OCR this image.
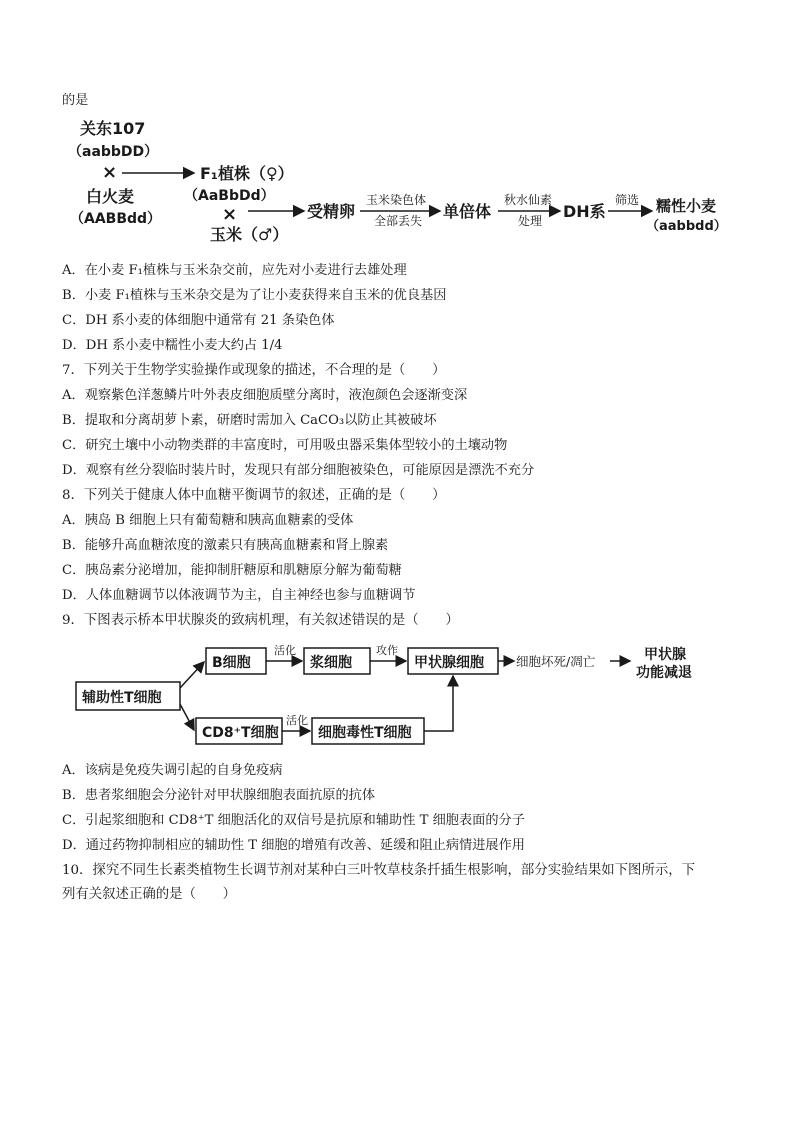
的是
关东107
（aabbDD）
×
白火麦
（AABBdd）
F₁植株（♀）
（AaBbDd）
×
玉米（♂）
受精卵
玉米染色体
全部丢失 单倍体
秋水仙素
处理 DH系
筛选 糯性小麦
（aabbdd）
A．在小麦 F₁植株与玉米杂交前，应先对小麦进行去雄处理
B．小麦 F₁植株与玉米杂交是为了让小麦获得来自玉米的优良基因
C．DH 系小麦的体细胞中通常有 21 条染色体
D．DH 系小麦中糯性小麦大约占 1/4
7．下列关于生物学实验操作或现象的描述，不合理的是（　　）
A．观察紫色洋葱鳞片叶外表皮细胞质壁分离时，液泡颜色会逐渐变深
B．提取和分离胡萝卜素，研磨时需加入 CaCO₃以防止其被破坏
C．研究土壤中小动物类群的丰富度时，可用吸虫器采集体型较小的土壤动物
D．观察有丝分裂临时装片时，发现只有部分细胞被染色，可能原因是漂洗不充分
8．下列关于健康人体中血糖平衡调节的叙述，正确的是（　　）
A．胰岛 B 细胞上只有葡萄糖和胰高血糖素的受体
B．能够升高血糖浓度的激素只有胰高血糖素和肾上腺素
C．胰岛素分泌增加，能抑制肝糖原和肌糖原分解为葡萄糖
D．人体血糖调节以体液调节为主，自主神经也参与血糖调节
9．下图表示桥本甲状腺炎的致病机理，有关叙述错误的是（　　）
辅助性T细胞
B细胞
活化
浆细胞
攻作
甲状腺细胞	细胞坏死/凋亡	甲状腺
功能减退
CD8⁺T细胞
活化
细胞毒性T细胞
A．该病是免疫失调引起的自身免疫病
B．患者浆细胞会分泌针对甲状腺细胞表面抗原的抗体
C．引起浆细胞和 CD8⁺T 细胞活化的双信号是抗原和辅助性 T 细胞表面的分子
D．通过药物抑制相应的辅助性 T 细胞的增殖有改善、延缓和阻止病情进展作用
10．探究不同生长素类植物生长调节剂对某种白三叶牧草枝条扦插生根影响，部分实验结果如下图所示，下
列有关叙述正确的是（　　）
